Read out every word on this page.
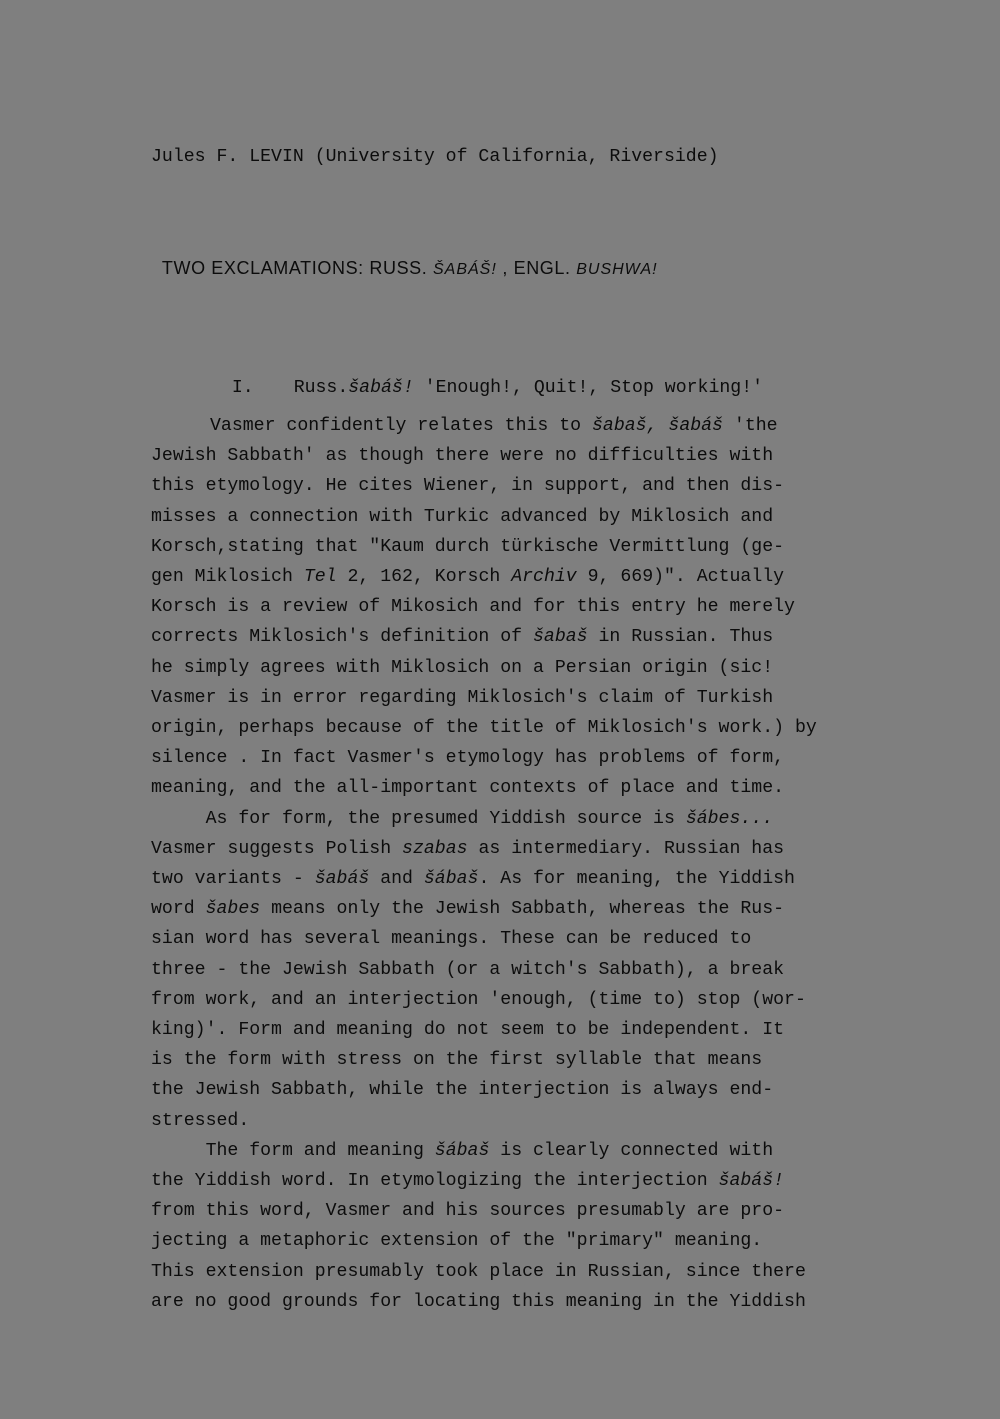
Jules F. LEVIN (University of California, Riverside)

TWO EXCLAMATIONS: RUSS. ŠABÁŠ! , ENGL. BUSHWA!

I. Russ.šabáš! 'Enough!, Quit!, Stop working!'

Vasmer confidently relates this to šabaš, šabáš 'the
Jewish Sabbath' as though there were no difficulties with
this etymology. He cites Wiener, in support, and then dis-
misses a connection with Turkic advanced by Miklosich and
Korsch,stating that "Kaum durch türkische Vermittlung (ge-
gen Miklosich Tel 2, 162, Korsch Archiv 9, 669)". Actually
Korsch is a review of Mikosich and for this entry he merely
corrects Miklosich's definition of šabaš in Russian. Thus
he simply agrees with Miklosich on a Persian origin (sic!
Vasmer is in error regarding Miklosich's claim of Turkish
origin, perhaps because of the title of Miklosich's work.) by
silence . In fact Vasmer's etymology has problems of form,
meaning, and the all-important contexts of place and time.
As for form, the presumed Yiddish source is šábes...
Vasmer suggests Polish szabas as intermediary. Russian has
two variants - šabáš and šábaš. As for meaning, the Yiddish
word šabes means only the Jewish Sabbath, whereas the Rus-
sian word has several meanings. These can be reduced to
three - the Jewish Sabbath (or a witch's Sabbath), a break
from work, and an interjection 'enough, (time to) stop (wor-
king)'. Form and meaning do not seem to be independent. It
is the form with stress on the first syllable that means
the Jewish Sabbath, while the interjection is always end-
stressed.
The form and meaning šábaš is clearly connected with
the Yiddish word. In etymologizing the interjection šabáš!
from this word, Vasmer and his sources presumably are pro-
jecting a metaphoric extension of the "primary" meaning.
This extension presumably took place in Russian, since there
are no good grounds for locating this meaning in the Yiddish
